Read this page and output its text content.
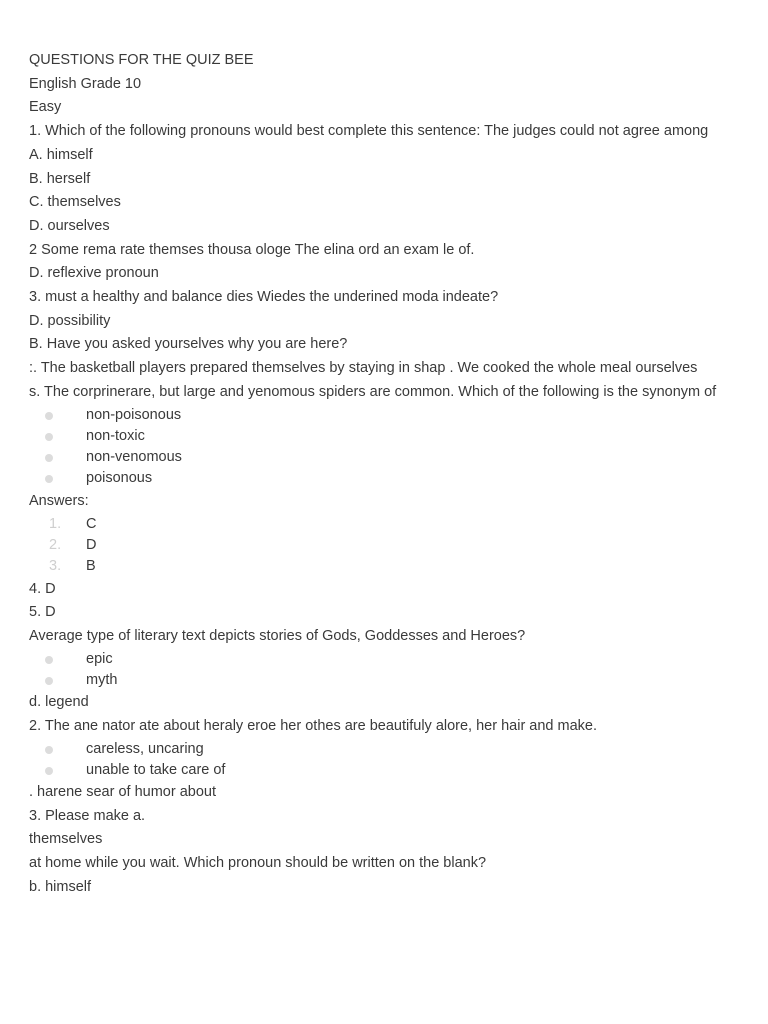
QUESTIONS FOR THE QUIZ BEE
English Grade 10
Easy
1. Which of the following pronouns would best complete this sentence: The judges could not agree among
A. himself
B. herself
C. themselves
D. ourselves
2 Some rema rate themses thousa ologe The elina ord an exam le of.
D. reflexive pronoun
3. must a healthy and balance dies Wiedes the underined moda indeate?
D. possibility
B. Have you asked yourselves why you are here?
:. The basketball players prepared themselves by staying in shap . We cooked the whole meal ourselves
s. The corprinerare, but large and yenomous spiders are common. Which of the following is the synonym of
non-poisonous
non-toxic
non-venomous
poisonous
Answers:
1. C
2. D
3. B
4. D
5. D
Average type of literary text depicts stories of Gods, Goddesses and Heroes?
epic
myth
d. legend
2. The ane nator ate about heraly eroe her othes are beautifuly alore, her hair and make.
careless, uncaring
unable to take care of
. harene sear of humor about
3. Please make a.
themselves
at home while you wait. Which pronoun should be written on the blank?
b. himself
